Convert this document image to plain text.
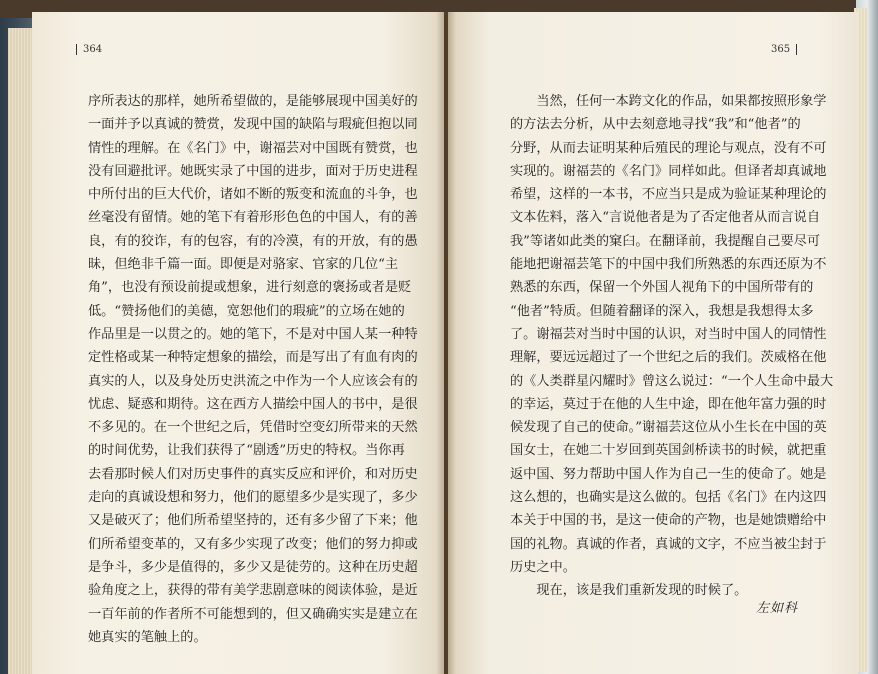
364	365
序所表达的那样，她所希望做的，是能够展现中国美好的
一面并予以真诚的赞赏，发现中国的缺陷与瑕疵但抱以同
情性的理解。在《名门》中，谢福芸对中国既有赞赏，也
没有回避批评。她既实录了中国的进步，面对于历史进程
中所付出的巨大代价，诸如不断的叛变和流血的斗争，也
丝毫没有留情。她的笔下有着形形色色的中国人，有的善
良，有的狡诈，有的包容，有的冷漠，有的开放，有的愚
昧，但绝非千篇一面。即便是对骆家、官家的几位“主
角”，也没有预设前提或想象，进行刻意的褒扬或者是贬
低。“赞扬他们的美德，宽恕他们的瑕疵”的立场在她的
作品里是一以贯之的。她的笔下，不是对中国人某一种特
定性格或某一种特定想象的描绘，而是写出了有血有肉的
真实的人，以及身处历史洪流之中作为一个人应该会有的
忧虑、疑惑和期待。这在西方人描绘中国人的书中，是很
不多见的。在一个世纪之后，凭借时空变幻所带来的天然
的时间优势，让我们获得了“剧透”历史的特权。当你再
去看那时候人们对历史事件的真实反应和评价，和对历史
走向的真诚设想和努力，他们的愿望多少是实现了，多少
又是破灭了；他们所希望坚持的，还有多少留了下来；他
们所希望变革的，又有多少实现了改变；他们的努力抑或
是争斗，多少是值得的，多少又是徒劳的。这种在历史超
验角度之上，获得的带有美学悲剧意味的阅读体验，是近
一百年前的作者所不可能想到的，但又确确实实是建立在
她真实的笔触上的。
　　当然，任何一本跨文化的作品，如果都按照形象学
的方法去分析，从中去刻意地寻找“我”和“他者”的
分野，从而去证明某种后殖民的理论与观点，没有不可
实现的。谢福芸的《名门》同样如此。但译者却真诚地
希望，这样的一本书，不应当只是成为验证某种理论的
文本佐料，落入“言说他者是为了否定他者从而言说自
我”等诸如此类的窠臼。在翻译前，我提醒自己要尽可
能地把谢福芸笔下的中国中我们所熟悉的东西还原为不
熟悉的东西，保留一个外国人视角下的中国所带有的
“他者”特质。但随着翻译的深入，我想是我想得太多
了。谢福芸对当时中国的认识，对当时中国人的同情性
理解，要远远超过了一个世纪之后的我们。茨威格在他
的《人类群星闪耀时》曾这么说过：“一个人生命中最大
的幸运，莫过于在他的人生中途，即在他年富力强的时
候发现了自己的使命。”谢福芸这位从小生长在中国的英
国女士，在她二十岁回到英国剑桥读书的时候，就把重
返中国、努力帮助中国人作为自己一生的使命了。她是
这么想的，也确实是这么做的。包括《名门》在内这四
本关于中国的书，是这一使命的产物，也是她馈赠给中
国的礼物。真诚的作者，真诚的文字，不应当被尘封于
历史之中。
　　现在，该是我们重新发现的时候了。
左如科
